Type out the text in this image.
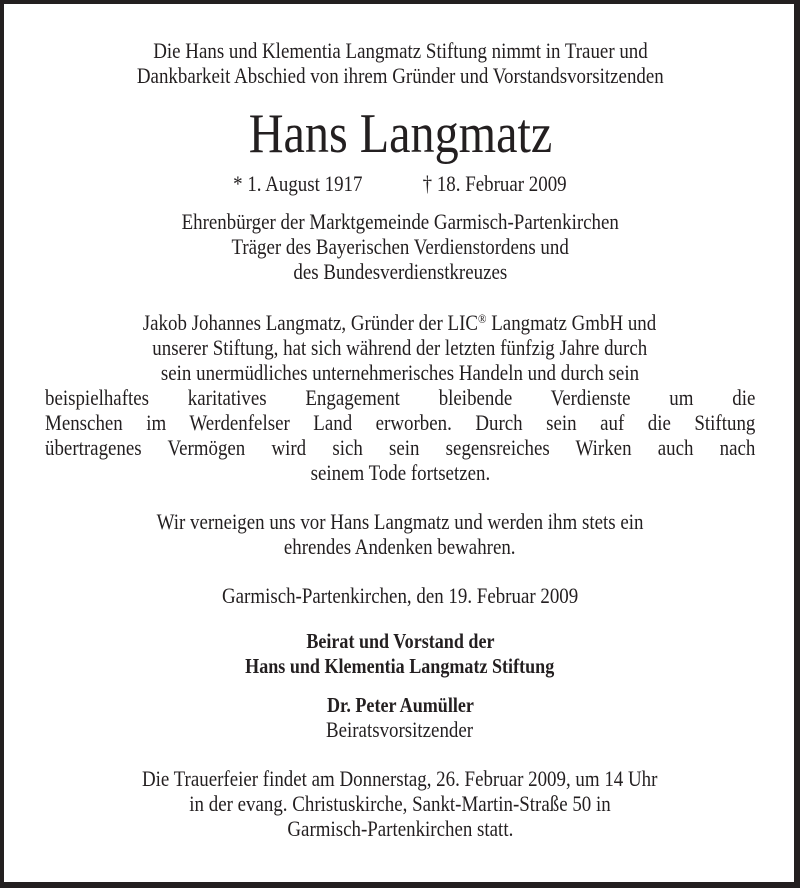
Die Hans und Klementia Langmatz Stiftung nimmt in Trauer und
Dankbarkeit Abschied von ihrem Gründer und Vorstandsvorsitzenden
Hans Langmatz
* 1. August 1917	† 18. Februar 2009
Ehrenbürger der Marktgemeinde Garmisch-Partenkirchen
Träger des Bayerischen Verdienstordens und
des Bundesverdienstkreuzes
Jakob Johannes Langmatz, Gründer der LIC® Langmatz GmbH und
unserer Stiftung, hat sich während der letzten fünfzig Jahre durch
sein unermüdliches unternehmerisches Handeln und durch sein
beispielhaftes karitatives Engagement bleibende Verdienste um die
Menschen im Werdenfelser Land erworben. Durch sein auf die Stiftung
übertragenes Vermögen wird sich sein segensreiches Wirken auch nach
seinem Tode fortsetzen.
Wir verneigen uns vor Hans Langmatz und werden ihm stets ein
ehrendes Andenken bewahren.
Garmisch-Partenkirchen, den 19. Februar 2009
Beirat und Vorstand der
Hans und Klementia Langmatz Stiftung
Dr. Peter Aumüller
Beiratsvorsitzender
Die Trauerfeier findet am Donnerstag, 26. Februar 2009, um 14 Uhr
in der evang. Christuskirche, Sankt-Martin-Straße 50 in
Garmisch-Partenkirchen statt.
